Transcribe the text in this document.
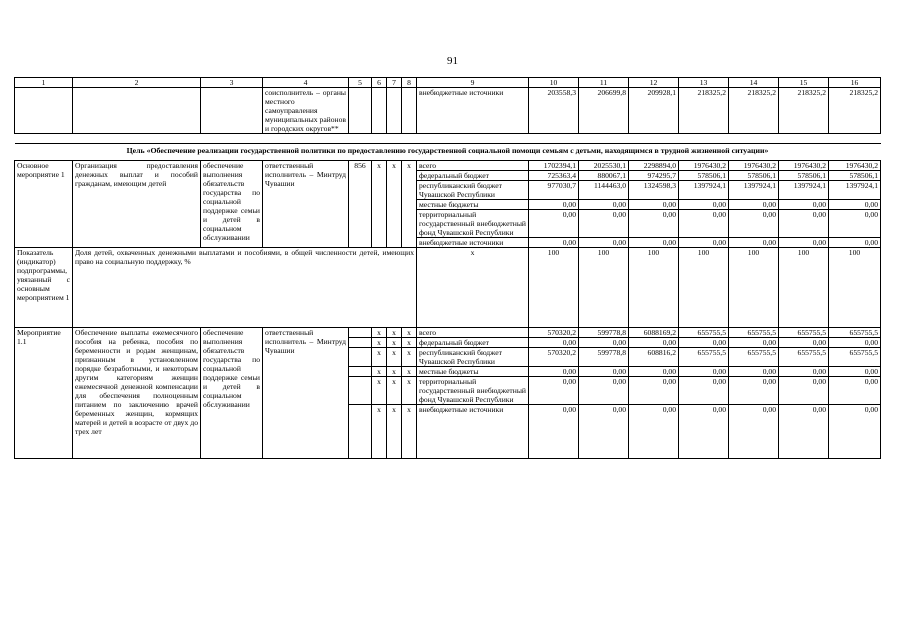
91
1	2	3	4	5	6	7	8	9	10	11	12	13	14	15	16
			соисполнитель – органы местного самоуправления муниципальных районов и городских округов**					внебюджетные источники	203558,3	206699,8	209928,1	218325,2	218325,2	218325,2	218325,2

Цель «Обеспечение реализации государственной политики по предоставлению государственной социальной помощи семьям с детьми, находящимся в трудной жизненной ситуации»															
Основное мероприятие 1	Организация предоставления денежных выплат и пособий гражданам, имеющим детей	обеспечение выполнения обязательств государства по социальной поддержке семьи и детей в социальном обслуживании	ответственный исполнитель – Минтруд Чувашии	856	x	x	x	всего	1702394,1	2025530,1	2298894,0	1976430,2	1976430,2	1976430,2	1976430,2
								федеральный бюджет	725363,4	880067,1	974295,7	578506,1	578506,1	578506,1	578506,1
								республиканский бюджет Чувашской Республики	977030,7	1144463,0	1324598,3	1397924,1	1397924,1	1397924,1	1397924,1
								местные бюджеты	0,00	0,00	0,00	0,00	0,00	0,00	0,00
								территориальный государственный внебюджетный фонд Чувашской Республики	0,00	0,00	0,00	0,00	0,00	0,00	0,00
								внебюджетные источники	0,00	0,00	0,00	0,00	0,00	0,00	0,00
Показатель (индикатор) подпрограммы, увязанный с основным мероприятием 1	Доля детей, охваченных денежными выплатами и пособиями, в общей численности детей, имеющих право на социальную поддержку, %							x	100	100	100	100	100	100	100
Мероприятие 1.1	Обеспечение выплаты ежемесячного пособия на ребенка, пособия по беременности и родам женщинам, признанным в установленном порядке безработными, и некоторым другим категориям женщин ежемесячной денежной компенсации для обеспечения полноценным питанием по заключению врачей беременных женщин, кормящих матерей и детей в возрасте от двух до трех лет	обеспечение выполнения обязательств государства по социальной поддержке семьи и детей в социальном обслуживании	ответственный исполнитель – Минтруд Чувашии		x	x	x	всего	570320,2	599778,8	6088169,2	655755,5	655755,5	655755,5	655755,5
					x	x	x	федеральный бюджет	0,00	0,00	0,00	0,00	0,00	0,00	0,00
					x	x	x	республиканский бюджет Чувашской Республики	570320,2	599778,8	608816,2	655755,5	655755,5	655755,5	655755,5
					x	x	x	местные бюджеты	0,00	0,00	0,00	0,00	0,00	0,00	0,00
					x	x	x	территориальный государственный внебюджетный фонд Чувашской Республики	0,00	0,00	0,00	0,00	0,00	0,00	0,00
					x	x	x	внебюджетные источники	0,00	0,00	0,00	0,00	0,00	0,00	0,00
